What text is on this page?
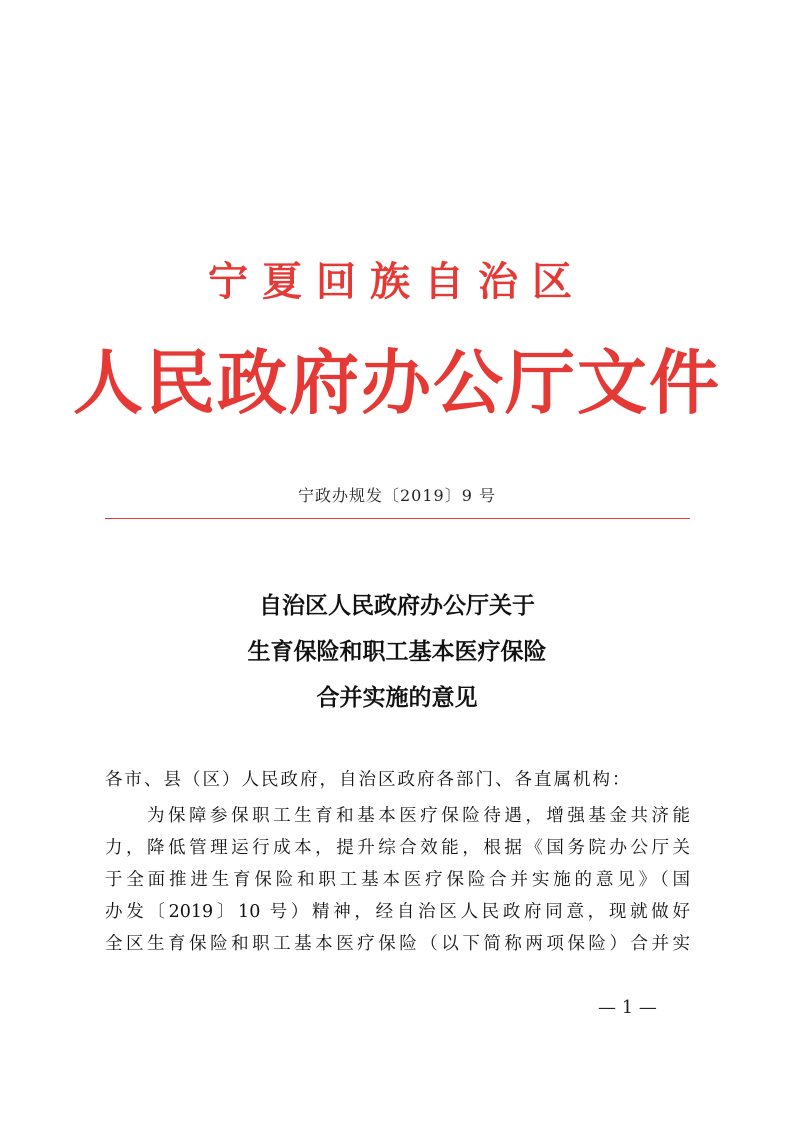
宁夏回族自治区
人民政府办公厅文件
宁政办规发〔2019〕9 号
自治区人民政府办公厅关于
生育保险和职工基本医疗保险
合并实施的意见
各市、县（区）人民政府，自治区政府各部门、各直属机构：
为保障参保职工生育和基本医疗保险待遇，增强基金共济能
力，降低管理运行成本，提升综合效能，根据《国务院办公厅关
于全面推进生育保险和职工基本医疗保险合并实施的意见》（国
办发〔2019〕10 号）精神，经自治区人民政府同意，现就做好
全区生育保险和职工基本医疗保险（以下简称两项保险）合并实
— 1 —
